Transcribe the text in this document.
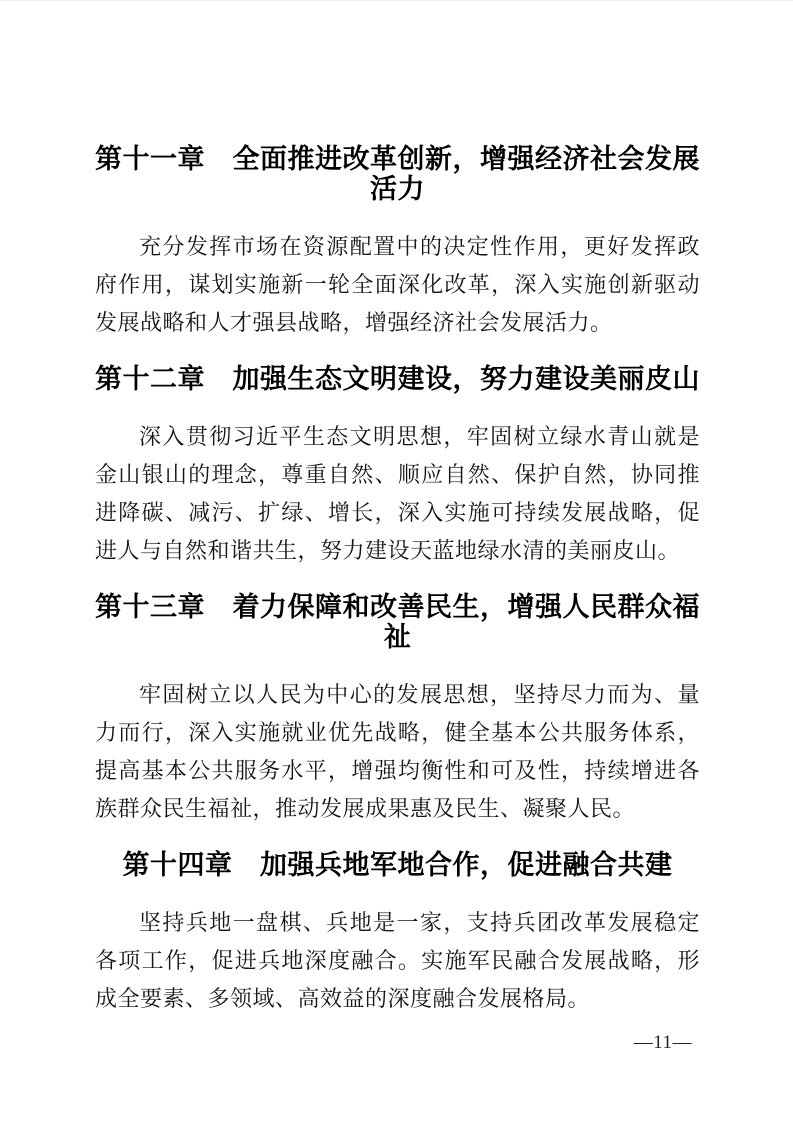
第十一章　全面推进改革创新，增强经济社会发展活力

充分发挥市场在资源配置中的决定性作用，更好发挥政府作用，谋划实施新一轮全面深化改革，深入实施创新驱动发展战略和人才强县战略，增强经济社会发展活力。

第十二章　加强生态文明建设，努力建设美丽皮山

深入贯彻习近平生态文明思想，牢固树立绿水青山就是金山银山的理念，尊重自然、顺应自然、保护自然，协同推进降碳、减污、扩绿、增长，深入实施可持续发展战略，促进人与自然和谐共生，努力建设天蓝地绿水清的美丽皮山。

第十三章　着力保障和改善民生，增强人民群众福祉

牢固树立以人民为中心的发展思想，坚持尽力而为、量力而行，深入实施就业优先战略，健全基本公共服务体系，提高基本公共服务水平，增强均衡性和可及性，持续增进各族群众民生福祉，推动发展成果惠及民生、凝聚人民。

第十四章　加强兵地军地合作，促进融合共建

坚持兵地一盘棋、兵地是一家，支持兵团改革发展稳定各项工作，促进兵地深度融合。实施军民融合发展战略，形成全要素、多领域、高效益的深度融合发展格局。

—11—
